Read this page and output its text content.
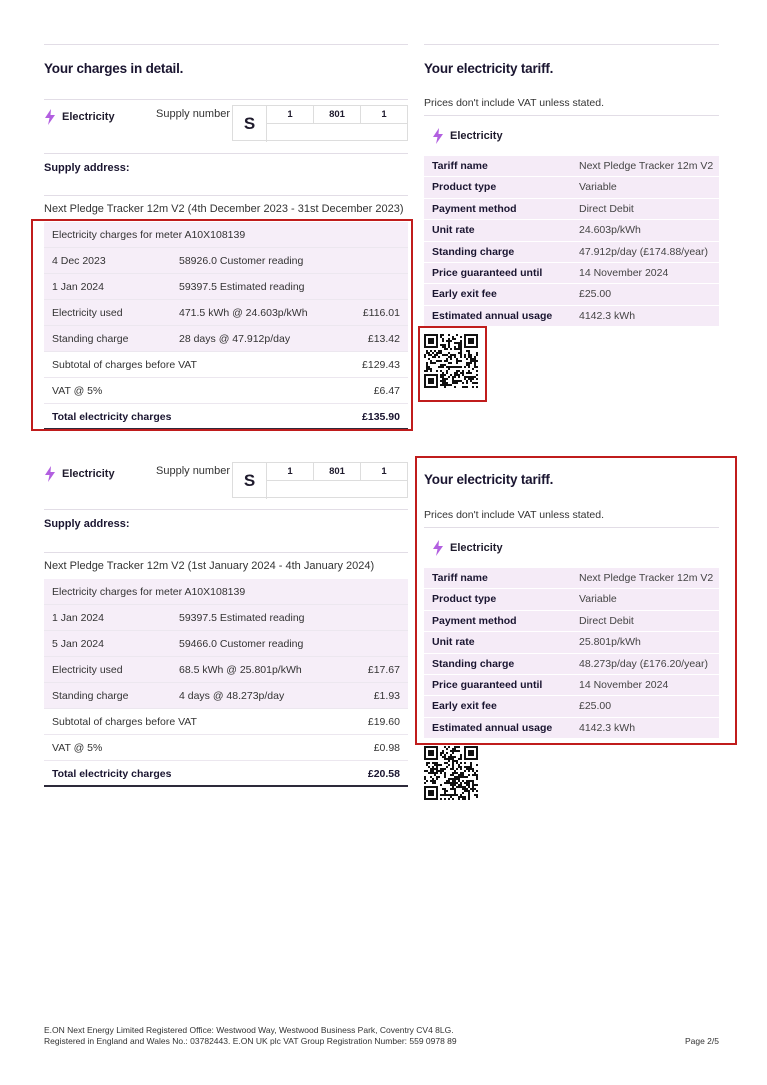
Your charges in detail.
Electricity	Supply number S	1	801	1
Supply address:
Next Pledge Tracker 12m V2 (4th December 2023 - 31st December 2023)
Electricity charges for meter A10X108139
4 Dec 2023	58926.0 Customer reading
1 Jan 2024	59397.5 Estimated reading
Electricity used	471.5 kWh @ 24.603p/kWh	£116.01
Standing charge	28 days @ 47.912p/day	£13.42
Subtotal of charges before VAT	£129.43
VAT @ 5%	£6.47
Total electricity charges	£135.90
Your electricity tariff.
Prices don't include VAT unless stated.
Electricity
Tariff name	Next Pledge Tracker 12m V2
Product type	Variable
Payment method	Direct Debit
Unit rate	24.603p/kWh
Standing charge	47.912p/day (£174.88/year)
Price guaranteed until	14 November 2024
Early exit fee	£25.00
Estimated annual usage	4142.3 kWh
Electricity	Supply number S	1	801	1
Supply address:
Next Pledge Tracker 12m V2 (1st January 2024 - 4th January 2024)
Electricity charges for meter A10X108139
1 Jan 2024	59397.5 Estimated reading
5 Jan 2024	59466.0 Customer reading
Electricity used	68.5 kWh @ 25.801p/kWh	£17.67
Standing charge	4 days @ 48.273p/day	£1.93
Subtotal of charges before VAT	£19.60
VAT @ 5%	£0.98
Total electricity charges	£20.58
Your electricity tariff.
Prices don't include VAT unless stated.
Electricity
Tariff name	Next Pledge Tracker 12m V2
Product type	Variable
Payment method	Direct Debit
Unit rate	25.801p/kWh
Standing charge	48.273p/day (£176.20/year)
Price guaranteed until	14 November 2024
Early exit fee	£25.00
Estimated annual usage	4142.3 kWh
E.ON Next Energy Limited Registered Office: Westwood Way, Westwood Business Park, Coventry CV4 8LG.
Registered in England and Wales No.: 03782443. E.ON UK plc VAT Group Registration Number: 559 0978 89	Page 2/5
